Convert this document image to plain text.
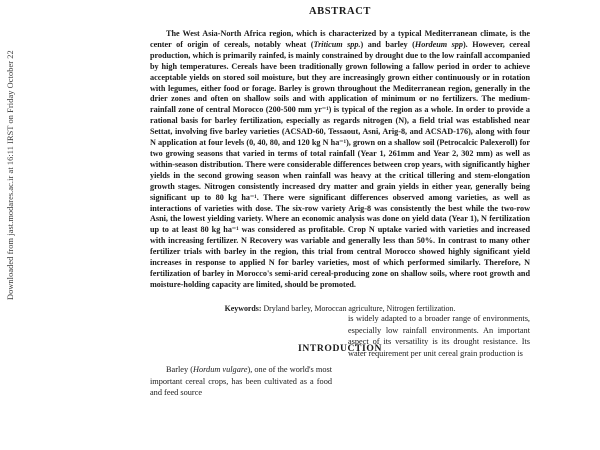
Downloaded from jast.modares.ac.ir at 16:11 IRST on Friday October 22
ABSTRACT
The West Asia-North Africa region, which is characterized by a typical Mediterranean climate, is the center of origin of cereals, notably wheat (Triticum spp.) and barley (Hordeum spp). However, cereal production, which is primarily rainfed, is mainly constrained by drought due to the low rainfall accompanied by high temperatures. Cereals have been traditionally grown following a fallow period in order to achieve acceptable yields on stored soil moisture, but they are increasingly grown either continuously or in rotation with legumes, either food or forage. Barley is grown throughout the Mediterranean region, generally in the drier zones and often on shallow soils and with application of minimum or no fertilizers. The medium-rainfall zone of central Morocco (200-500 mm yr⁻¹) is typical of the region as a whole. In order to provide a rational basis for barley fertilization, especially as regards nitrogen (N), a field trial was established near Settat, involving five barley varieties (ACSAD-60, Tessaout, Asni, Arig-8, and ACSAD-176), along with four N application at four levels (0, 40, 80, and 120 kg N ha⁻¹), grown on a shallow soil (Petrocalcic Palexeroll) for two growing seasons that varied in terms of total rainfall (Year 1, 261mm and Year 2, 302 mm) as well as within-season distribution. There were considerable differences between crop years, with significantly higher yields in the second growing season when rainfall was heavy at the critical tillering and stem-elongation growth stages. Nitrogen consistently increased dry matter and grain yields in either year, generally being significant up to 80 kg ha⁻¹. There were significant differences observed among varieties, as well as interactions of varieties with dose. The six-row variety Arig-8 was consistently the best while the two-row Asni, the lowest yielding variety. Where an economic analysis was done on yield data (Year 1), N fertilization up to at least 80 kg ha⁻¹ was considered as profitable. Crop N uptake varied with varieties and increased with increasing fertilizer. N Recovery was variable and generally less than 50%. In contrast to many other fertilizer trials with barley in the region, this trial from central Morocco showed highly significant yield increases in response to applied N for barley varieties, most of which performed similarly. Therefore, N fertilization of barley in Morocco's semi-arid cereal-producing zone on shallow soils, where root growth and moisture-holding capacity are limited, should be promoted.
Keywords: Dryland barley, Moroccan agriculture, Nitrogen fertilization.
INTRODUCTION
Barley (Hordum vulgare), one of the world's most important cereal crops, has been cultivated as a food and feed source
is widely adapted to a broader range of environments, especially low rainfall environments. An important aspect of its versatility is its drought resistance. Its water requirement per unit cereal grain production is
